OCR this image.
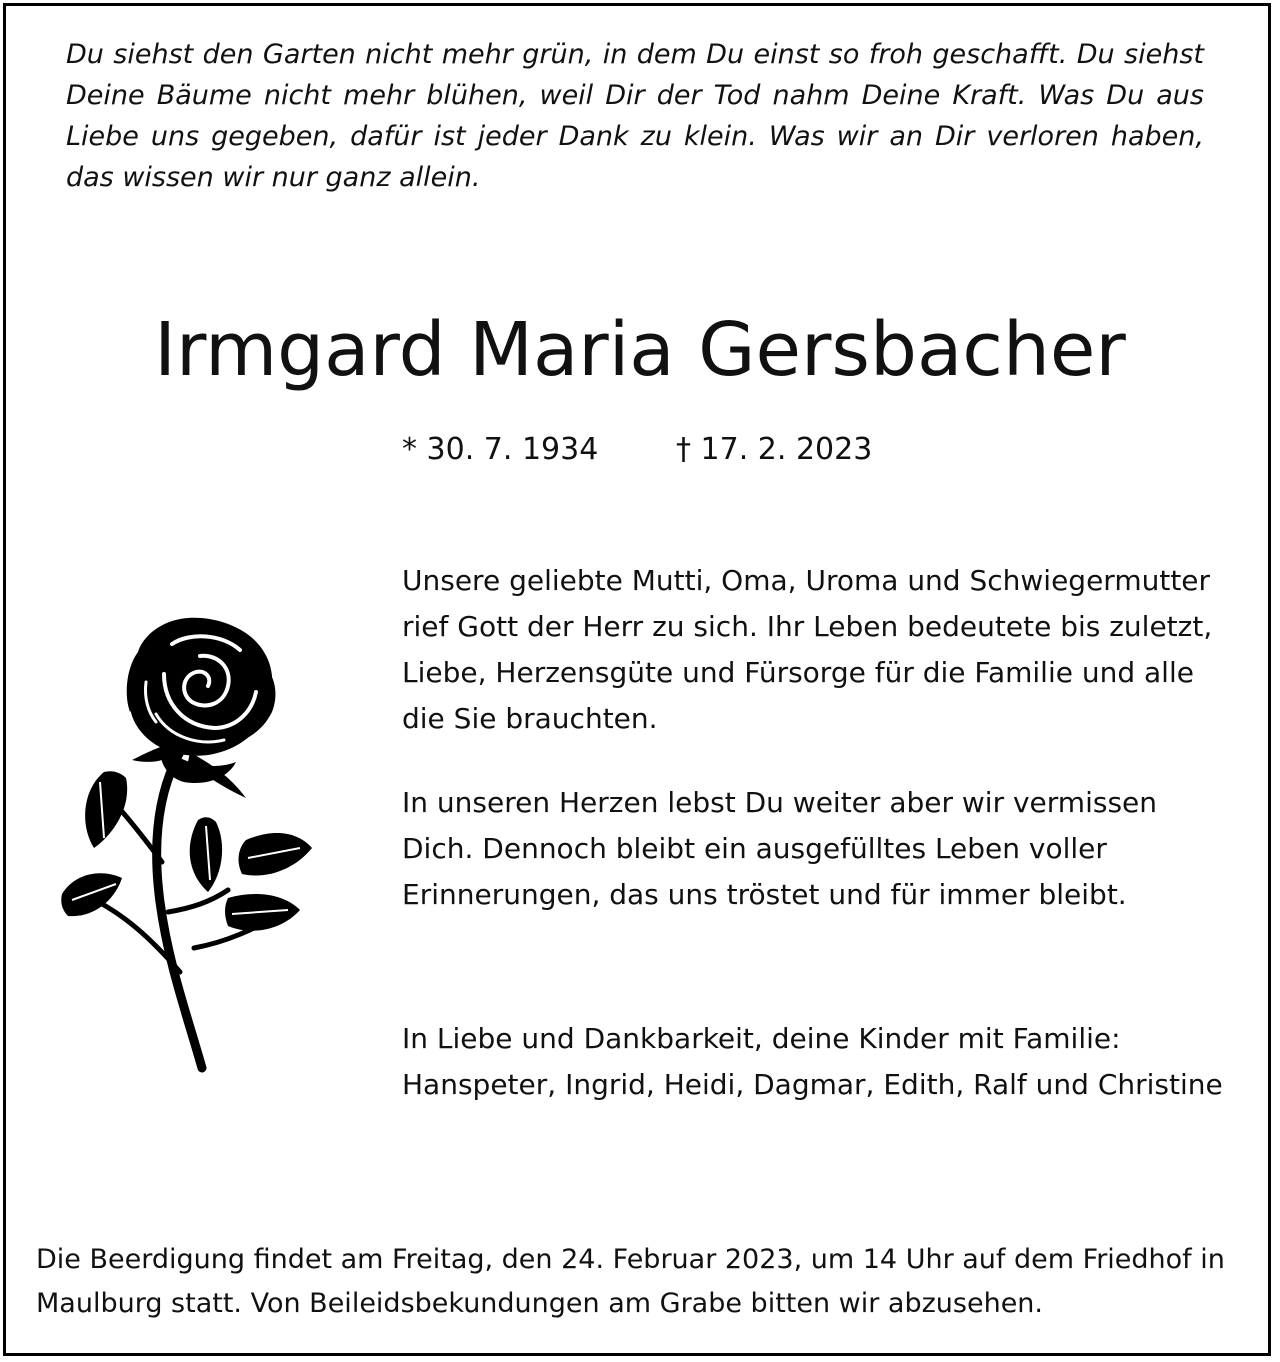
Du siehst den Garten nicht mehr grün, in dem Du einst so froh geschafft. Du siehst Deine Bäume nicht mehr blühen, weil Dir der Tod nahm Deine Kraft. Was Du aus Liebe uns gegeben, dafür ist jeder Dank zu klein. Was wir an Dir verloren haben, das wissen wir nur ganz allein.

Irmgard Maria Gersbacher
* 30. 7. 1934	† 17. 2. 2023

Unsere geliebte Mutti, Oma, Uroma und Schwiegermutter rief Gott der Herr zu sich. Ihr Leben bedeutete bis zuletzt, Liebe, Herzensgüte und Fürsorge für die Familie und alle die Sie brauchten.

In unseren Herzen lebst Du weiter aber wir vermissen Dich. Dennoch bleibt ein ausgefülltes Leben voller Erinnerungen, das uns tröstet und für immer bleibt.

In Liebe und Dankbarkeit, deine Kinder mit Familie: Hanspeter, Ingrid, Heidi, Dagmar, Edith, Ralf und Christine

Die Beerdigung findet am Freitag, den 24. Februar 2023, um 14 Uhr auf dem Friedhof in Maulburg statt. Von Beileidsbekundungen am Grabe bitten wir abzusehen.
